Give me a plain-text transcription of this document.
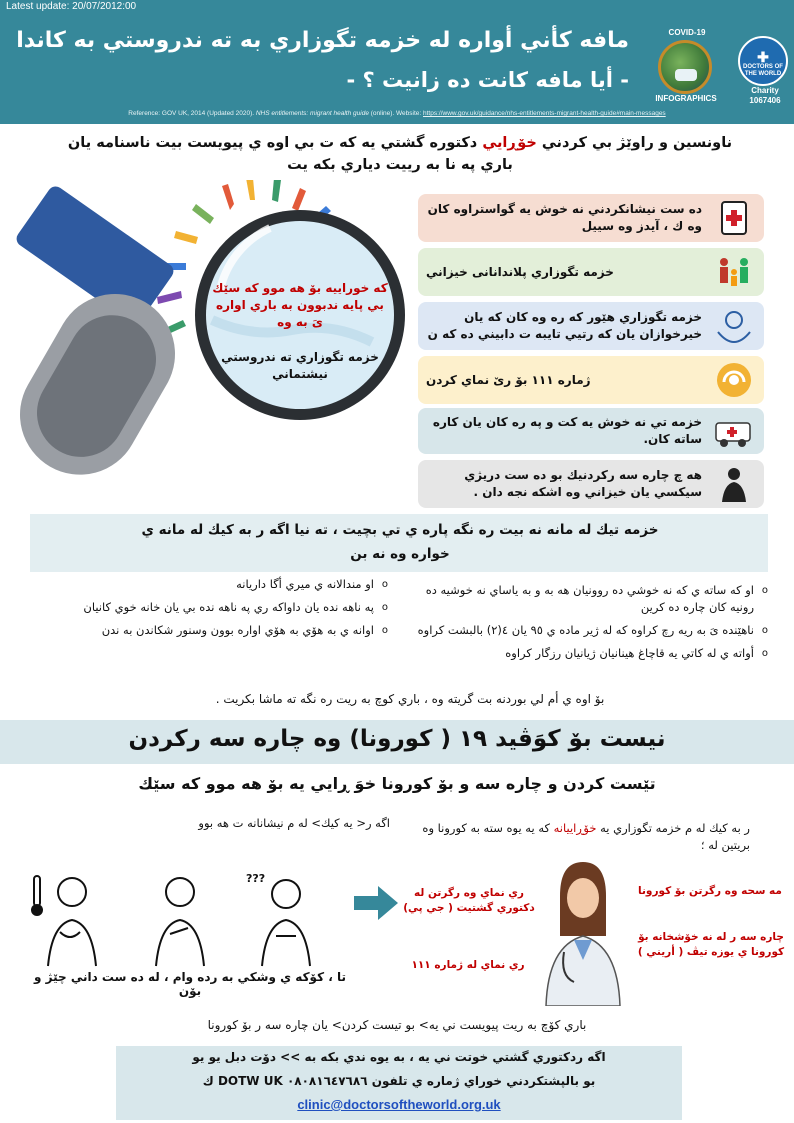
Latest update: 20/07/2012:00
مافه كأني أواره له خزمه تگوزاري به ته ندروستي به كاندا
- أيا مافه كانت ده زانيت ؟ -
COVID-19
INFOGRAPHICS
✚
DOCTORS OF THE WORLD
Charity
1067406
Reference: GOV UK, 2014 (Updated 2020). NHS entitlements: migrant health guide (online). Website: https://www.gov.uk/guidance/nhs-entitlements-migrant-health-guide#main-messages
ناونسين و راوێژ بي كردني خۆڕايي دكتوره گشتي يه كه ت بي اوه ي پيويست بيت ناسنامه يان
باري په نا به رييت دياري بكه يت
كه خورايیه بۆ هه موو كه سێك بي پايه ندبوون به باري اواره یَ به وه
خزمه تگوزاري ته ندروستي نيشتماني
ده ست نيشانكردني نه خوش يه گواستراوه كان وه ك ، آيدز وه سييل
خزمه تگوزاري پلاندانانی خيزاني
خزمه تگوزاري هێور كه ره وه كان كه يان خيرخوازان يان كه رتيي تايبه ت دابيني ده كه ن
ژماره ١١١ بۆ رێ نماي كردن
خزمه تي نه خوش يه كت و په ره كان يان كاره ساته كان.
هه چ چاره سه ركردنيك بو ده ست دريژي سيكسي يان خيزاني وه اشكه نجه دان .
خزمه تيك له مانه نه بيت ره نگه پاره ي تي بچيت ، ته نيا اگه ر به كيك له مانه ي
خواره وه نه بن
o او كه ساته ي كه نه خوشي ده روونيان هه به و به ياساي نه خوشيه ده رونيه كان چاره ده كرين
o ناهێنده یَ به ريه رچ كراوه كه له ژير ماده ي ٩٥ يان ٤(٢) بالبشت كراوه
o أواته ي له كاتي يه قاچاغ هينانيان ژيانيان رزگار كراوه
o او مندالانه ي ميري أگا داريانه
o په ناهه نده يان داواكه ري په ناهه نده بي يان خانه خوي كانيان
o اوانه ي به هۆي به هۆي اواره بوون وسنور شكاندن به ندن
بۆ اوه ي أم لي بوردنه بت گريته وه ، باري كوچ به ريت ره نگه ته ماشا بكريت .
نيست بۆ كوَڤيد ١٩ ( كورونا) وه چاره سه ركردن
تێست كردن و چاره سه و بۆ كورونا خوَ ڕايي يه بۆ هه موو كه سێك
ر به كيك له م خزمه تگوزاري يه خۆڕاييانه كه يه يوه سته به كورونا وه بريتين له ؛
اگه ر< يه كيك> له م نيشانانه ت هه بوو
???
تا ، كۆكه ي وشكي به رده وام ، له ده ست داني چێژ و بۆن
ري نماي وه رگرتن له دكتوري گشتيت ( جي پي)
مه سحه وه رگرتن بۆ كورونا
ري نماي له ژماره ١١١
چاره سه ر له نه خۆشخانه بۆ كورونا ي يوزه تيڤ ( أريني )
باري كۆچ به ريت پيويست ني يه> بو تيست كردن> يان چاره سه ر بۆ كورونا
اگه ردكتوري گشتي خوتت ني يه ، به يوه ندي بكه به >> دۆت دبل يو يو
بو بالپشتكردني خوراي ژماره ي تلفون ٠٨٠٨١٦٤٧٦٨٦ DOTW UK ك
clinic@doctorsoftheworld.org.uk
